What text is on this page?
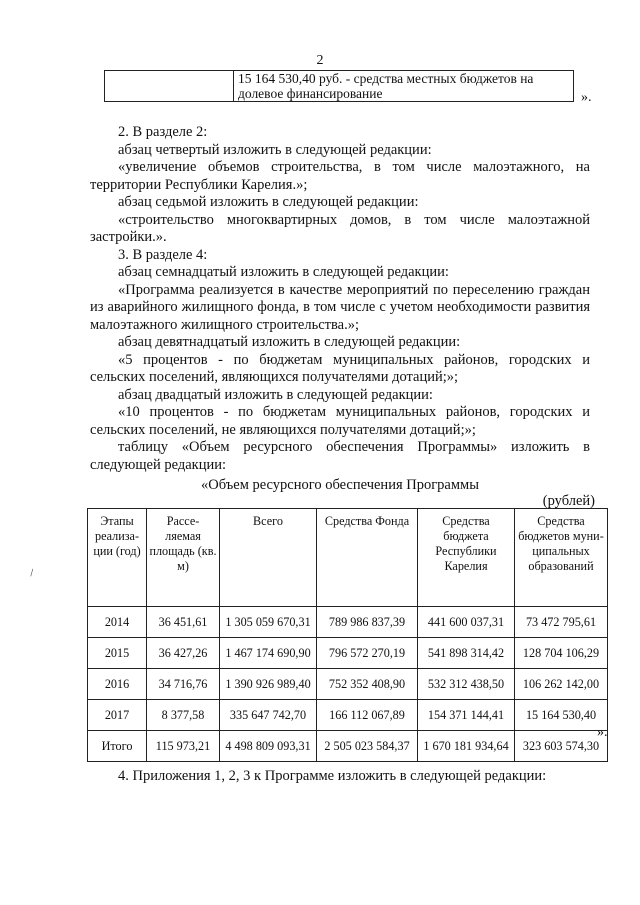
2

15 164 530,40 руб. - средства местных бюджетов на
долевое финансирование	».

2. В разделе 2:

абзац четвертый изложить в следующей редакции:

«увеличение объемов строительства, в том числе малоэтажного, на территории Республики Карелия.»;

абзац седьмой изложить в следующей редакции:

«строительство многоквартирных домов, в том числе малоэтажной застройки.».

3. В разделе 4:

абзац семнадцатый изложить в следующей редакции:

«Программа реализуется в качестве мероприятий по переселению граждан из аварийного жилищного фонда, в том числе с учетом необходимости развития малоэтажного жилищного строительства.»;

абзац девятнадцатый изложить в следующей редакции:

«5 процентов - по бюджетам муниципальных районов, городских и сельских поселений, являющихся получателями дотаций;»;

абзац двадцатый изложить в следующей редакции:

«10 процентов - по бюджетам муниципальных районов, городских и сельских поселений, не являющихся получателями дотаций;»;

таблицу «Объем ресурсного обеспечения Программы» изложить в следующей редакции:

«Объем ресурсного обеспечения Программы
(рублей)
Этапы реализа-ции (год)	Рассе-ляемая площадь (кв. м)	Всего	Средства Фонда	Средства бюджета Республики Карелия	Средства бюджетов муни-ципальных образований
2014	36 451,61	1 305 059 670,31	789 986 837,39	441 600 037,31	73 472 795,61
2015	36 427,26	1 467 174 690,90	796 572 270,19	541 898 314,42	128 704 106,29
2016	34 716,76	1 390 926 989,40	752 352 408,90	532 312 438,50	106 262 142,00
2017	8 377,58	335 647 742,70	166 112 067,89	154 371 144,41	15 164 530,40
Итого	115 973,21	4 498 809 093,31	2 505 023 584,37	1 670 181 934,64	323 603 574,30
».
\
4. Приложения 1, 2, 3 к Программе изложить в следующей редакции:
